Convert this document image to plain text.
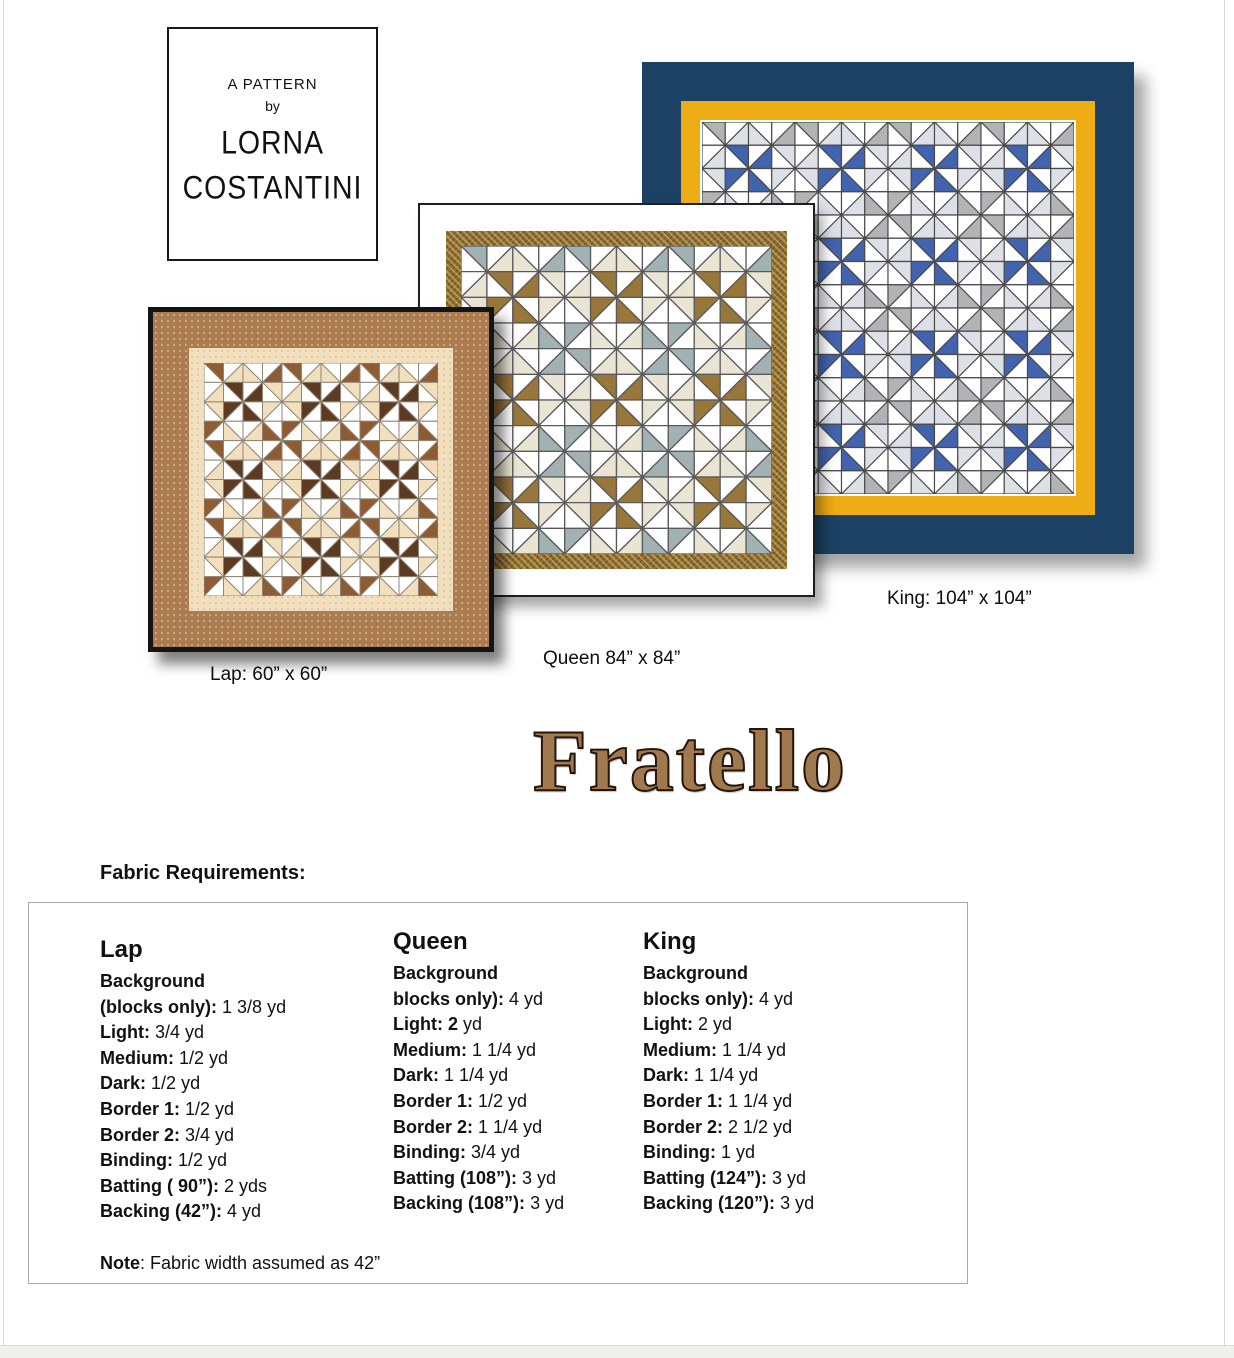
A PATTERN
by
LORNA
COSTANTINI
King: 104” x 104”
Queen 84” x 84”
Lap: 60” x 60”
Fratello
Fabric Requirements:
Lap
Background
(blocks only): 1 3/8 yd
Light: 3/4 yd
Medium: 1/2 yd
Dark: 1/2 yd
Border 1: 1/2 yd
Border 2: 3/4 yd
Binding: 1/2 yd
Batting ( 90”): 2 yds
Backing (42”): 4 yd
Queen
Background
blocks only): 4 yd
Light: 2 yd
Medium: 1 1/4 yd
Dark: 1 1/4 yd
Border 1: 1/2 yd
Border 2: 1 1/4 yd
Binding: 3/4 yd
Batting (108”): 3 yd
Backing (108”): 3 yd
King
Background
blocks only): 4 yd
Light: 2 yd
Medium: 1 1/4 yd
Dark: 1 1/4 yd
Border 1: 1 1/4 yd
Border 2: 2 1/2 yd
Binding: 1 yd
Batting (124”): 3 yd
Backing (120”): 3 yd
Note: Fabric width assumed as 42”
